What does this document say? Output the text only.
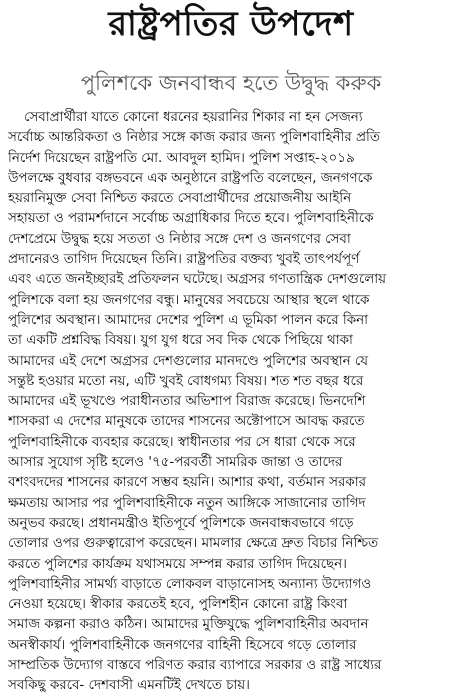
রাষ্ট্রপতির উপদেশ
পুলিশকে জনবান্ধব হতে উদ্বুদ্ধ করুক
সেবাপ্রার্থীরা যাতে কোনো ধরনের হয়রানির শিকার না হন সেজন্য
সর্বোচ্চ আন্তরিকতা ও নিষ্ঠার সঙ্গে কাজ করার জন্য পুলিশবাহিনীর প্রতি
নির্দেশ দিয়েছেন রাষ্ট্রপতি মো. আবদুল হামিদ। পুলিশ সপ্তাহ-২০১৯
উপলক্ষে বুধবার বঙ্গভবনে এক অনুষ্ঠানে রাষ্ট্রপতি বলেছেন, জনগণকে
হয়রানিমুক্ত সেবা নিশ্চিত করতে সেবাপ্রার্থীদের প্রয়োজনীয় আইনি
সহায়তা ও পরামর্শদানে সর্বোচ্চ অগ্রাধিকার দিতে হবে। পুলিশবাহিনীকে
দেশপ্রেমে উদ্বুদ্ধ হয়ে সততা ও নিষ্ঠার সঙ্গে দেশ ও জনগণের সেবা
প্রদানেরও তাগিদ দিয়েছেন তিনি। রাষ্ট্রপতির বক্তব্য খুবই তাৎপর্যপূর্ণ
এবং এতে জনইচ্ছারই প্রতিফলন ঘটেছে। অগ্রসর গণতান্ত্রিক দেশগুলোয়
পুলিশকে বলা হয় জনগণের বন্ধু। মানুষের সবচেয়ে আস্থার স্থলে থাকে
পুলিশের অবস্থান। আমাদের দেশের পুলিশ এ ভূমিকা পালন করে কিনা
তা একটি প্রশ্নবিদ্ধ বিষয়। যুগ যুগ ধরে সব দিক থেকে পিছিয়ে থাকা
আমাদের এই দেশে অগ্রসর দেশগুলোর মানদণ্ডে পুলিশের অবস্থান যে
সন্তুষ্ট হওয়ার মতো নয়, এটি খুবই বোধগম্য বিষয়। শত শত বছর ধরে
আমাদের এই ভূখণ্ডে পরাধীনতার অভিশাপ বিরাজ করেছে। ভিনদেশি
শাসকরা এ দেশের মানুষকে তাদের শাসনের অক্টোপাসে আবদ্ধ করতে
পুলিশবাহিনীকে ব্যবহার করেছে। স্বাধীনতার পর সে ধারা থেকে সরে
আসার সুযোগ সৃষ্টি হলেও '৭৫-পরবর্তী সামরিক জান্তা ও তাদের
বশংবদদের শাসনের কারণে সম্ভব হয়নি। আশার কথা, বর্তমান সরকার
ক্ষমতায় আসার পর পুলিশবাহিনীকে নতুন আঙ্গিকে সাজানোর তাগিদ
অনুভব করছে। প্রধানমন্ত্রীও ইতিপূর্বে পুলিশকে জনবান্ধবভাবে গড়ে
তোলার ওপর গুরুত্বারোপ করেছেন। মামলার ক্ষেত্রে দ্রুত বিচার নিশ্চিত
করতে পুলিশের কার্যক্রম যথাসময়ে সম্পন্ন করার তাগিদ দিয়েছেন।
পুলিশবাহিনীর সামর্থ্য বাড়াতে লোকবল বাড়ানোসহ অন্যান্য উদ্যোগও
নেওয়া হয়েছে। স্বীকার করতেই হবে, পুলিশহীন কোনো রাষ্ট্র কিংবা
সমাজ কল্পনা করাও কঠিন। আমাদের মুক্তিযুদ্ধে পুলিশবাহিনীর অবদান
অনস্বীকার্য। পুলিশবাহিনীকে জনগণের বাহিনী হিসেবে গড়ে তোলার
সাম্প্রতিক উদ্যোগ বাস্তবে পরিণত করার ব্যাপারে সরকার ও রাষ্ট্র সাধ্যের
সবকিছু করবে- দেশবাসী এমনটিই দেখতে চায়।
